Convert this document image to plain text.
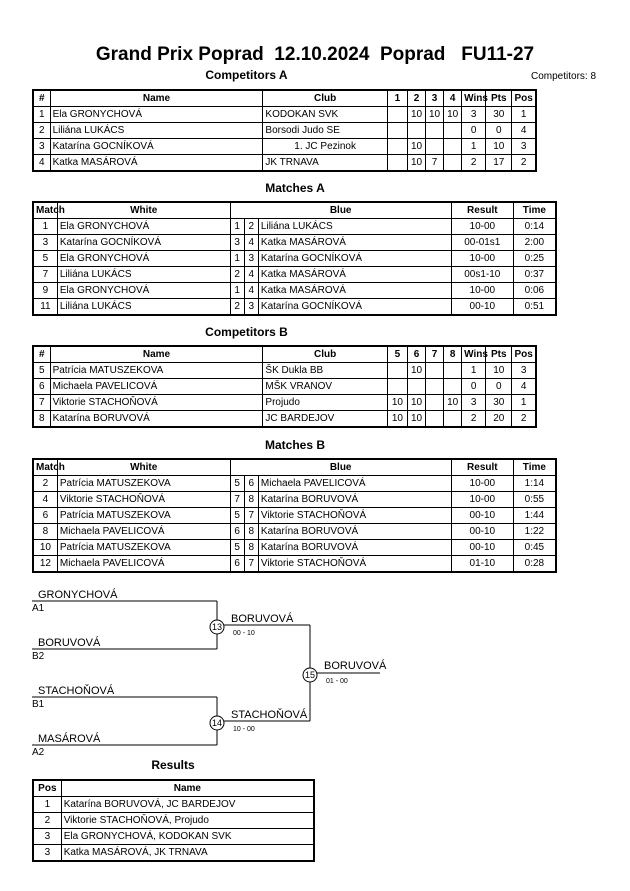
Grand Prix Poprad  12.10.2024  Poprad   FU11-27
Competitors A	Competitors: 8
#	Name	Club	1	2	3	4	Wins	Pts	Pos
1	Ela GRONYCHOVÁ	KODOKAN SVK		10	10	10	3	30	1
2	Liliána LUKÁCS	Borsodi Judo SE					0	0	4
3	Katarína GOCNÍKOVÁ	1. JC Pezinok		10			1	10	3
4	Katka MASÁROVÁ	JK TRNAVA		10	7		2	17	2
Matches A
Match	White	Blue			Result	Time
1	Ela GRONYCHOVÁ	1	2	Liliána LUKÁCS	10-00	0:14
3	Katarína GOCNÍKOVÁ	3	4	Katka MASÁROVÁ	00-01s1	2:00
5	Ela GRONYCHOVÁ	1	3	Katarína GOCNÍKOVÁ	10-00	0:25
7	Liliána LUKÁCS	2	4	Katka MASÁROVÁ	00s1-10	0:37
9	Ela GRONYCHOVÁ	1	4	Katka MASÁROVÁ	10-00	0:06
11	Liliána LUKÁCS	2	3	Katarína GOCNÍKOVÁ	00-10	0:51
Competitors B
#	Name	Club	5	6	7	8	Wins	Pts	Pos
5	Patrícia MATUSZEKOVA	ŠK Dukla BB		10			1	10	3
6	Michaela PAVELICOVÁ	MŠK VRANOV					0	0	4
7	Viktorie STACHOŇOVÁ	Projudo	10	10		10	3	30	1
8	Katarína BORUVOVÁ	JC BARDEJOV	10	10			2	20	2
Matches B
Match	White	Blue			Result	Time
2	Patrícia MATUSZEKOVA	5	6	Michaela PAVELICOVÁ	10-00	1:14
4	Viktorie STACHOŇOVÁ	7	8	Katarína BORUVOVÁ	10-00	0:55
6	Patrícia MATUSZEKOVA	5	7	Viktorie STACHOŇOVÁ	00-10	1:44
8	Michaela PAVELICOVÁ	6	8	Katarína BORUVOVÁ	00-10	1:22
10	Patrícia MATUSZEKOVA	5	8	Katarína BORUVOVÁ	00-10	0:45
12	Michaela PAVELICOVÁ	6	7	Viktorie STACHOŇOVÁ	01-10	0:28
GRONYCHOVÁ
A1
BORUVOVÁ
B2
STACHOŇOVÁ
B1
MASÁROVÁ
A2
13
BORUVOVÁ
00 - 10
14
STACHOŇOVÁ
10 - 00
15
BORUVOVÁ
01 - 00
Results
Pos	Name
1	Katarína BORUVOVÁ, JC BARDEJOV
2	Viktorie STACHOŇOVÁ, Projudo
3	Ela GRONYCHOVÁ, KODOKAN SVK
3	Katka MASÁROVÁ, JK TRNAVA
